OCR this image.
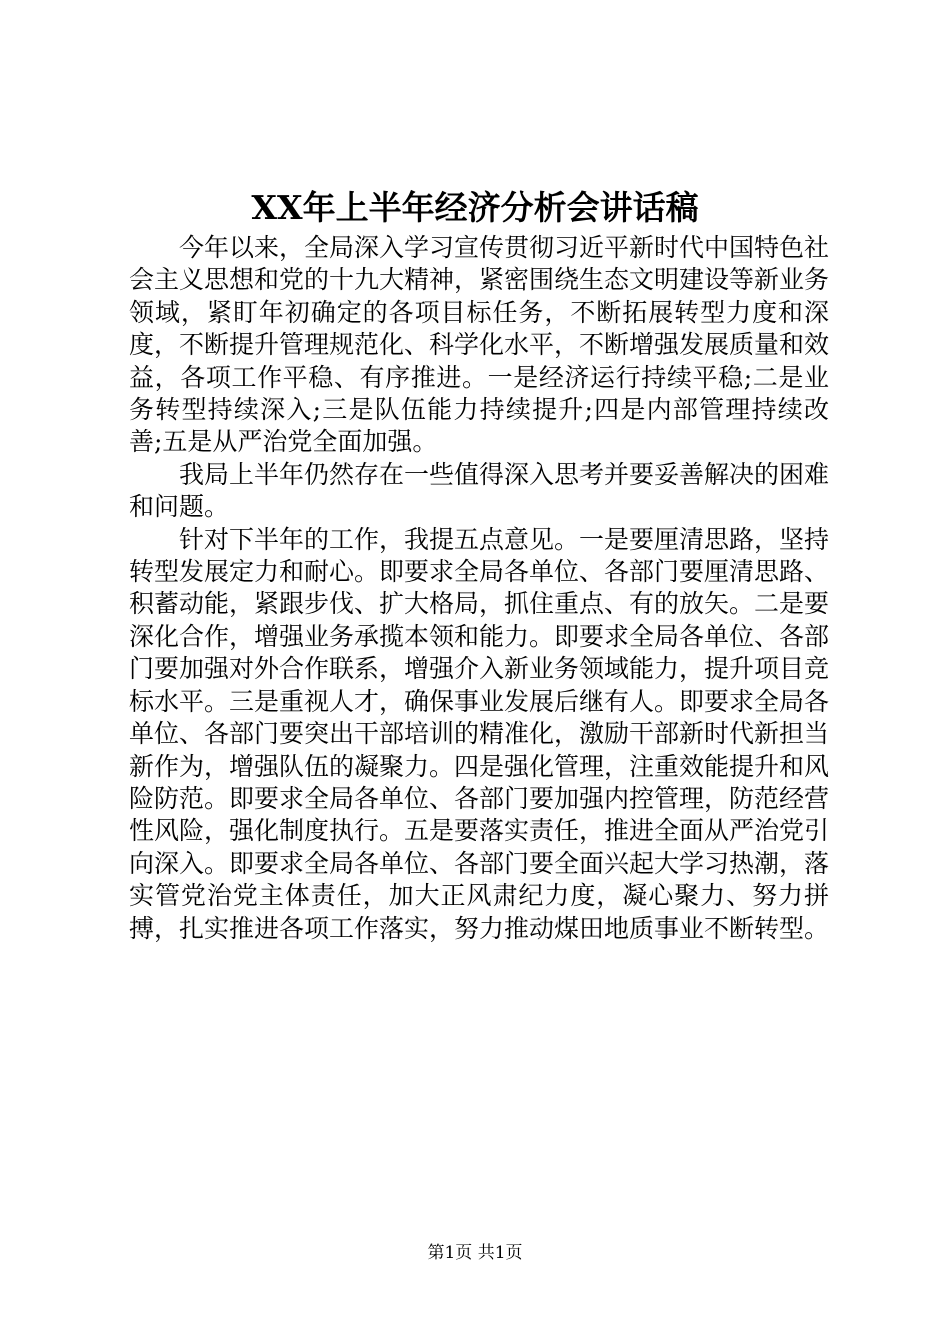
XX年上半年经济分析会讲话稿

今年以来，全局深入学习宣传贯彻习近平新时代中国特色社会主义思想和党的十九大精神，紧密围绕生态文明建设等新业务领域，紧盯年初确定的各项目标任务，不断拓展转型力度和深度，不断提升管理规范化、科学化水平，不断增强发展质量和效益，各项工作平稳、有序推进。一是经济运行持续平稳;二是业务转型持续深入;三是队伍能力持续提升;四是内部管理持续改善;五是从严治党全面加强。

我局上半年仍然存在一些值得深入思考并要妥善解决的困难和问题。

针对下半年的工作，我提五点意见。一是要厘清思路，坚持转型发展定力和耐心。即要求全局各单位、各部门要厘清思路、积蓄动能，紧跟步伐、扩大格局，抓住重点、有的放矢。二是要深化合作，增强业务承揽本领和能力。即要求全局各单位、各部门要加强对外合作联系，增强介入新业务领域能力，提升项目竞标水平。三是重视人才，确保事业发展后继有人。即要求全局各单位、各部门要突出干部培训的精准化，激励干部新时代新担当新作为，增强队伍的凝聚力。四是强化管理，注重效能提升和风险防范。即要求全局各单位、各部门要加强内控管理，防范经营性风险，强化制度执行。五是要落实责任，推进全面从严治党引向深入。即要求全局各单位、各部门要全面兴起大学习热潮，落实管党治党主体责任，加大正风肃纪力度，凝心聚力、努力拼搏，扎实推进各项工作落实，努力推动煤田地质事业不断转型。

第1页 共1页
